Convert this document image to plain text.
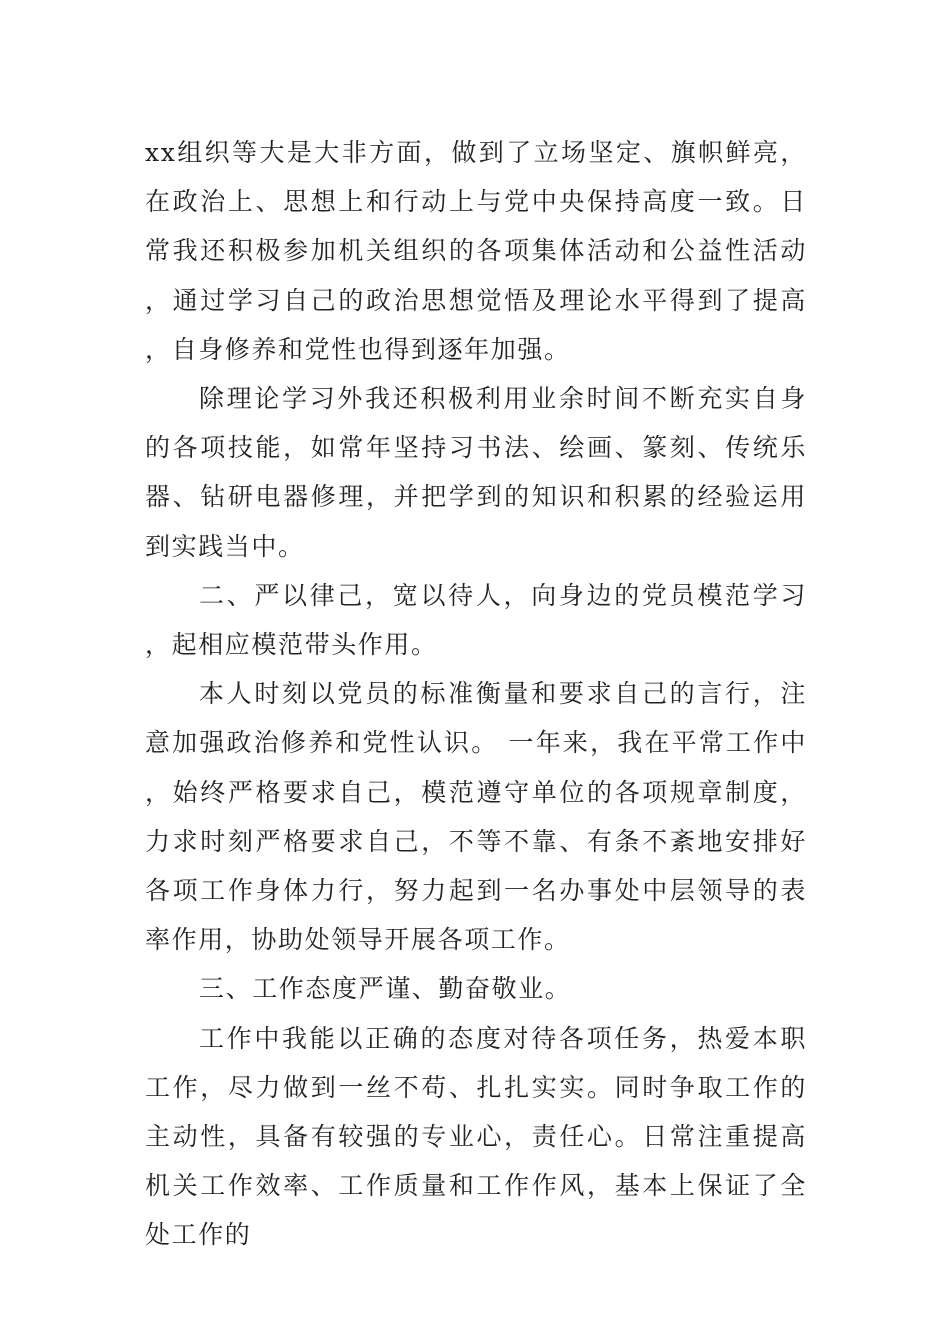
xx组织等大是大非方面，做到了立场坚定、旗帜鲜亮，在政治上、思想上和行动上与党中央保持高度一致。日常我还积极参加机关组织的各项集体活动和公益性活动，通过学习自己的政治思想觉悟及理论水平得到了提高，自身修养和党性也得到逐年加强。

除理论学习外我还积极利用业余时间不断充实自身的各项技能，如常年坚持习书法、绘画、篆刻、传统乐器、钻研电器修理，并把学到的知识和积累的经验运用到实践当中。

二、严以律己，宽以待人，向身边的党员模范学习，起相应模范带头作用。

本人时刻以党员的标准衡量和要求自己的言行，注意加强政治修养和党性认识。 一年来，我在平常工作中，始终严格要求自己，模范遵守单位的各项规章制度，力求时刻严格要求自己，不等不靠、有条不紊地安排好各项工作身体力行，努力起到一名办事处中层领导的表率作用，协助处领导开展各项工作。

三、工作态度严谨、勤奋敬业。

工作中我能以正确的态度对待各项任务，热爱本职工作，尽力做到一丝不苟、扎扎实实。同时争取工作的主动性，具备有较强的专业心，责任心。日常注重提高机关工作效率、工作质量和工作作风，基本上保证了全处工作的
